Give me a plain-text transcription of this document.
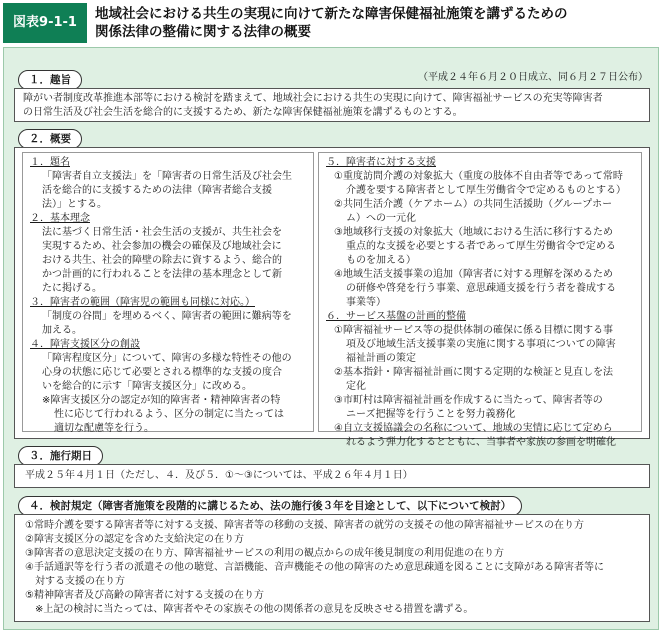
図表9-1-1
地域社会における共生の実現に向けて新たな障害保健福祉施策を講ずるための
関係法律の整備に関する法律の概要
１．趣旨	（平成２４年６月２０日成立、同６月２７日公布）
障がい者制度改革推進本部等における検討を踏まえて、地域社会における共生の実現に向けて、障害福祉サービスの充実等障害者
の日常生活及び社会生活を総合的に支援するため、新たな障害保健福祉施策を講ずるものとする。
２．概要
１．題名
「障害者自立支援法」を「障害者の日常生活及び社会生
活を総合的に支援するための法律（障害者総合支援
法）」とする。
２．基本理念
法に基づく日常生活・社会生活の支援が、共生社会を
実現するため、社会参加の機会の確保及び地域社会に
おける共生、社会的障壁の除去に資するよう、総合的
かつ計画的に行われることを法律の基本理念として新
たに掲げる。
３．障害者の範囲（障害児の範囲も同様に対応。）
「制度の谷間」を埋めるべく、障害者の範囲に難病等を
加える。
４．障害支援区分の創設
「障害程度区分」について、障害の多様な特性その他の
心身の状態に応じて必要とされる標準的な支援の度合
いを総合的に示す「障害支援区分」に改める。
※障害支援区分の認定が知的障害者・精神障害者の特
性に応じて行われるよう、区分の制定に当たっては
適切な配慮等を行う。
５．障害者に対する支援
①重度訪問介護の対象拡大（重度の肢体不自由者等であって常時
介護を要する障害者として厚生労働省令で定めるものとする）
②共同生活介護（ケアホーム）の共同生活援助（グループホー
ム）への一元化
③地域移行支援の対象拡大（地域における生活に移行するため
重点的な支援を必要とする者であって厚生労働省令で定める
ものを加える）
④地域生活支援事業の追加（障害者に対する理解を深めるため
の研修や啓発を行う事業、意思疎通支援を行う者を養成する
事業等）
６．サービス基盤の計画的整備
①障害福祉サービス等の提供体制の確保に係る目標に関する事
項及び地域生活支援事業の実施に関する事項についての障害
福祉計画の策定
②基本指針・障害福祉計画に関する定期的な検証と見直しを法
定化
③市町村は障害福祉計画を作成するに当たって、障害者等の
ニーズ把握等を行うことを努力義務化
④自立支援協議会の名称について、地域の実情に応じて定めら
れるよう弾力化するとともに、当事者や家族の参画を明確化
３．施行期日
平成２５年４月１日（ただし、４．及び５．①～③については、平成２６年４月１日）
４．検討規定（障害者施策を段階的に講じるため、法の施行後３年を目途として、以下について検討）
①常時介護を要する障害者等に対する支援、障害者等の移動の支援、障害者の就労の支援その他の障害福祉サービスの在り方
②障害支援区分の認定を含めた支給決定の在り方
③障害者の意思決定支援の在り方、障害福祉サービスの利用の観点からの成年後見制度の利用促進の在り方
④手話通訳等を行う者の派遣その他の聴覚、言語機能、音声機能その他の障害のため意思疎通を図ることに支障がある障害者等に
　対する支援の在り方
⑤精神障害者及び高齢の障害者に対する支援の在り方
　※上記の検討に当たっては、障害者やその家族その他の関係者の意見を反映させる措置を講ずる。
